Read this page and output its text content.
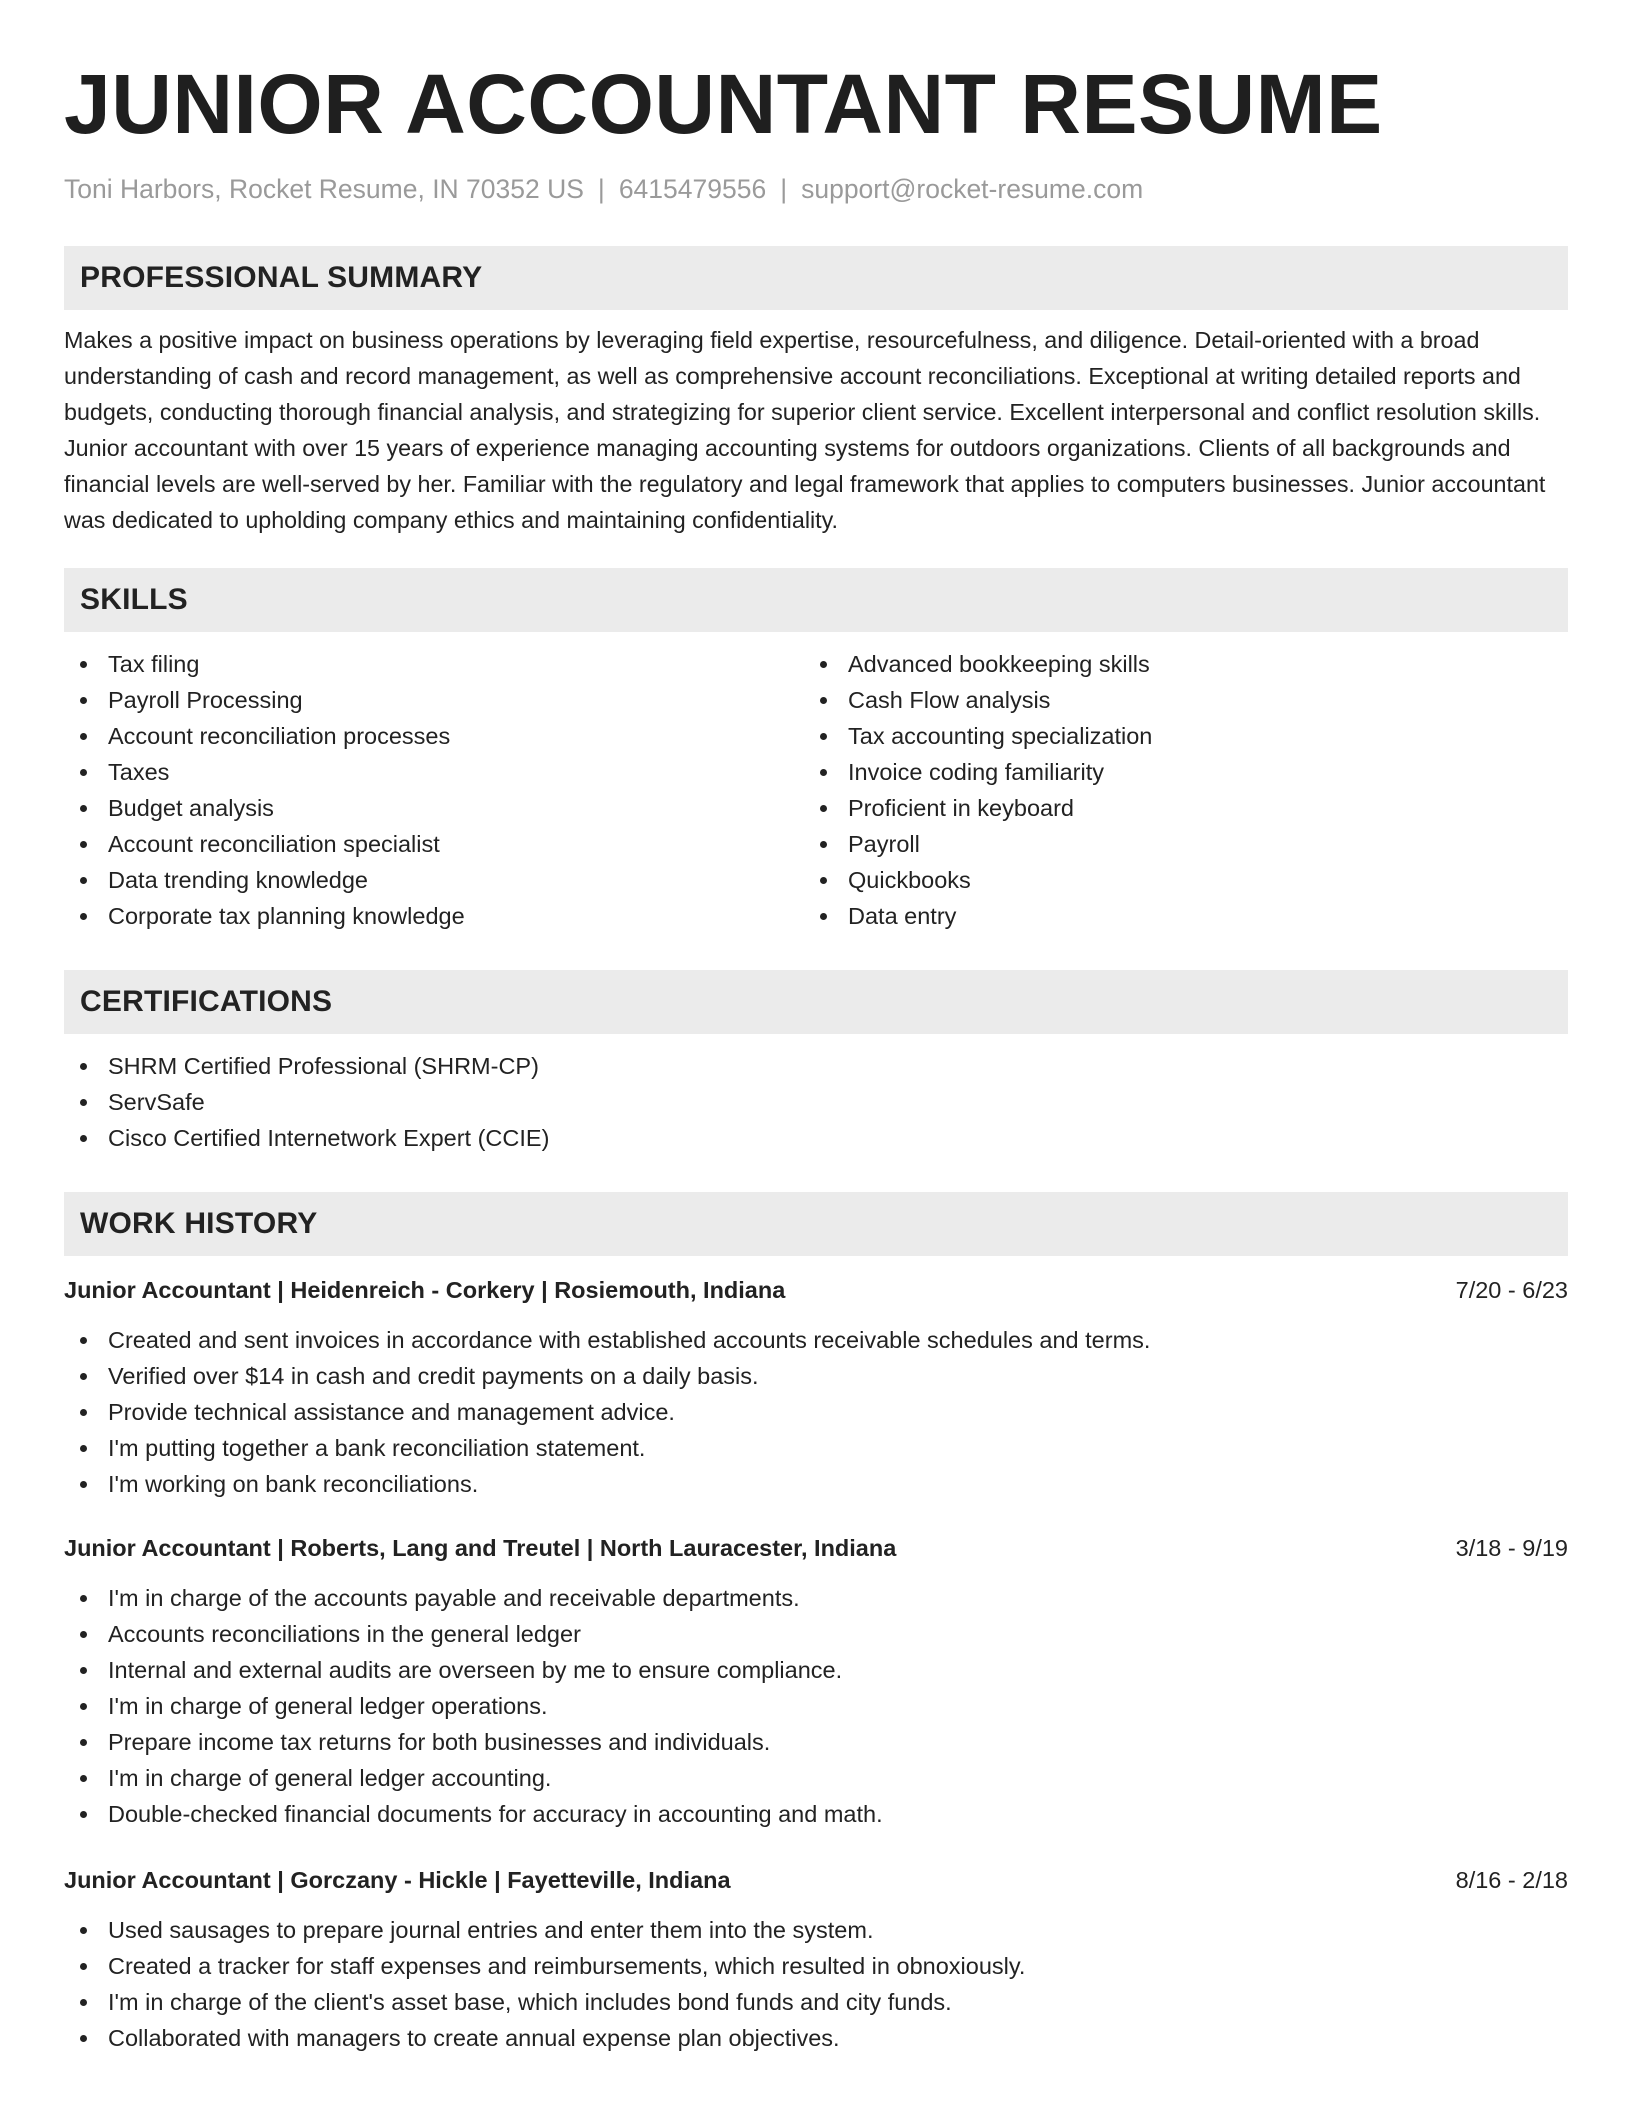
JUNIOR ACCOUNTANT RESUME
Toni Harbors, Rocket Resume, IN 70352 US | 6415479556 | support@rocket-resume.com
PROFESSIONAL SUMMARY

Makes a positive impact on business operations by leveraging field expertise, resourcefulness, and diligence. Detail-oriented with a broad understanding of cash and record management, as well as comprehensive account reconciliations. Exceptional at writing detailed reports and budgets, conducting thorough financial analysis, and strategizing for superior client service. Excellent interpersonal and conflict resolution skills. Junior accountant with over 15 years of experience managing accounting systems for outdoors organizations. Clients of all backgrounds and financial levels are well-served by her. Familiar with the regulatory and legal framework that applies to computers businesses. Junior accountant was dedicated to upholding company ethics and maintaining confidentiality.

SKILLS
Tax filing
Payroll Processing
Account reconciliation processes
Taxes
Budget analysis
Account reconciliation specialist
Data trending knowledge
Corporate tax planning knowledge
Advanced bookkeeping skills
Cash Flow analysis
Tax accounting specialization
Invoice coding familiarity
Proficient in keyboard
Payroll
Quickbooks
Data entry
CERTIFICATIONS
SHRM Certified Professional (SHRM-CP)
ServSafe
Cisco Certified Internetwork Expert (CCIE)
WORK HISTORY
Junior Accountant | Heidenreich - Corkery | Rosiemouth, Indiana	7/20 - 6/23
Created and sent invoices in accordance with established accounts receivable schedules and terms.
Verified over $14 in cash and credit payments on a daily basis.
Provide technical assistance and management advice.
I'm putting together a bank reconciliation statement.
I'm working on bank reconciliations.
Junior Accountant | Roberts, Lang and Treutel | North Lauracester, Indiana	3/18 - 9/19
I'm in charge of the accounts payable and receivable departments.
Accounts reconciliations in the general ledger
Internal and external audits are overseen by me to ensure compliance.
I'm in charge of general ledger operations.
Prepare income tax returns for both businesses and individuals.
I'm in charge of general ledger accounting.
Double-checked financial documents for accuracy in accounting and math.
Junior Accountant | Gorczany - Hickle | Fayetteville, Indiana	8/16 - 2/18
Used sausages to prepare journal entries and enter them into the system.
Created a tracker for staff expenses and reimbursements, which resulted in obnoxiously.
I'm in charge of the client's asset base, which includes bond funds and city funds.
Collaborated with managers to create annual expense plan objectives.
